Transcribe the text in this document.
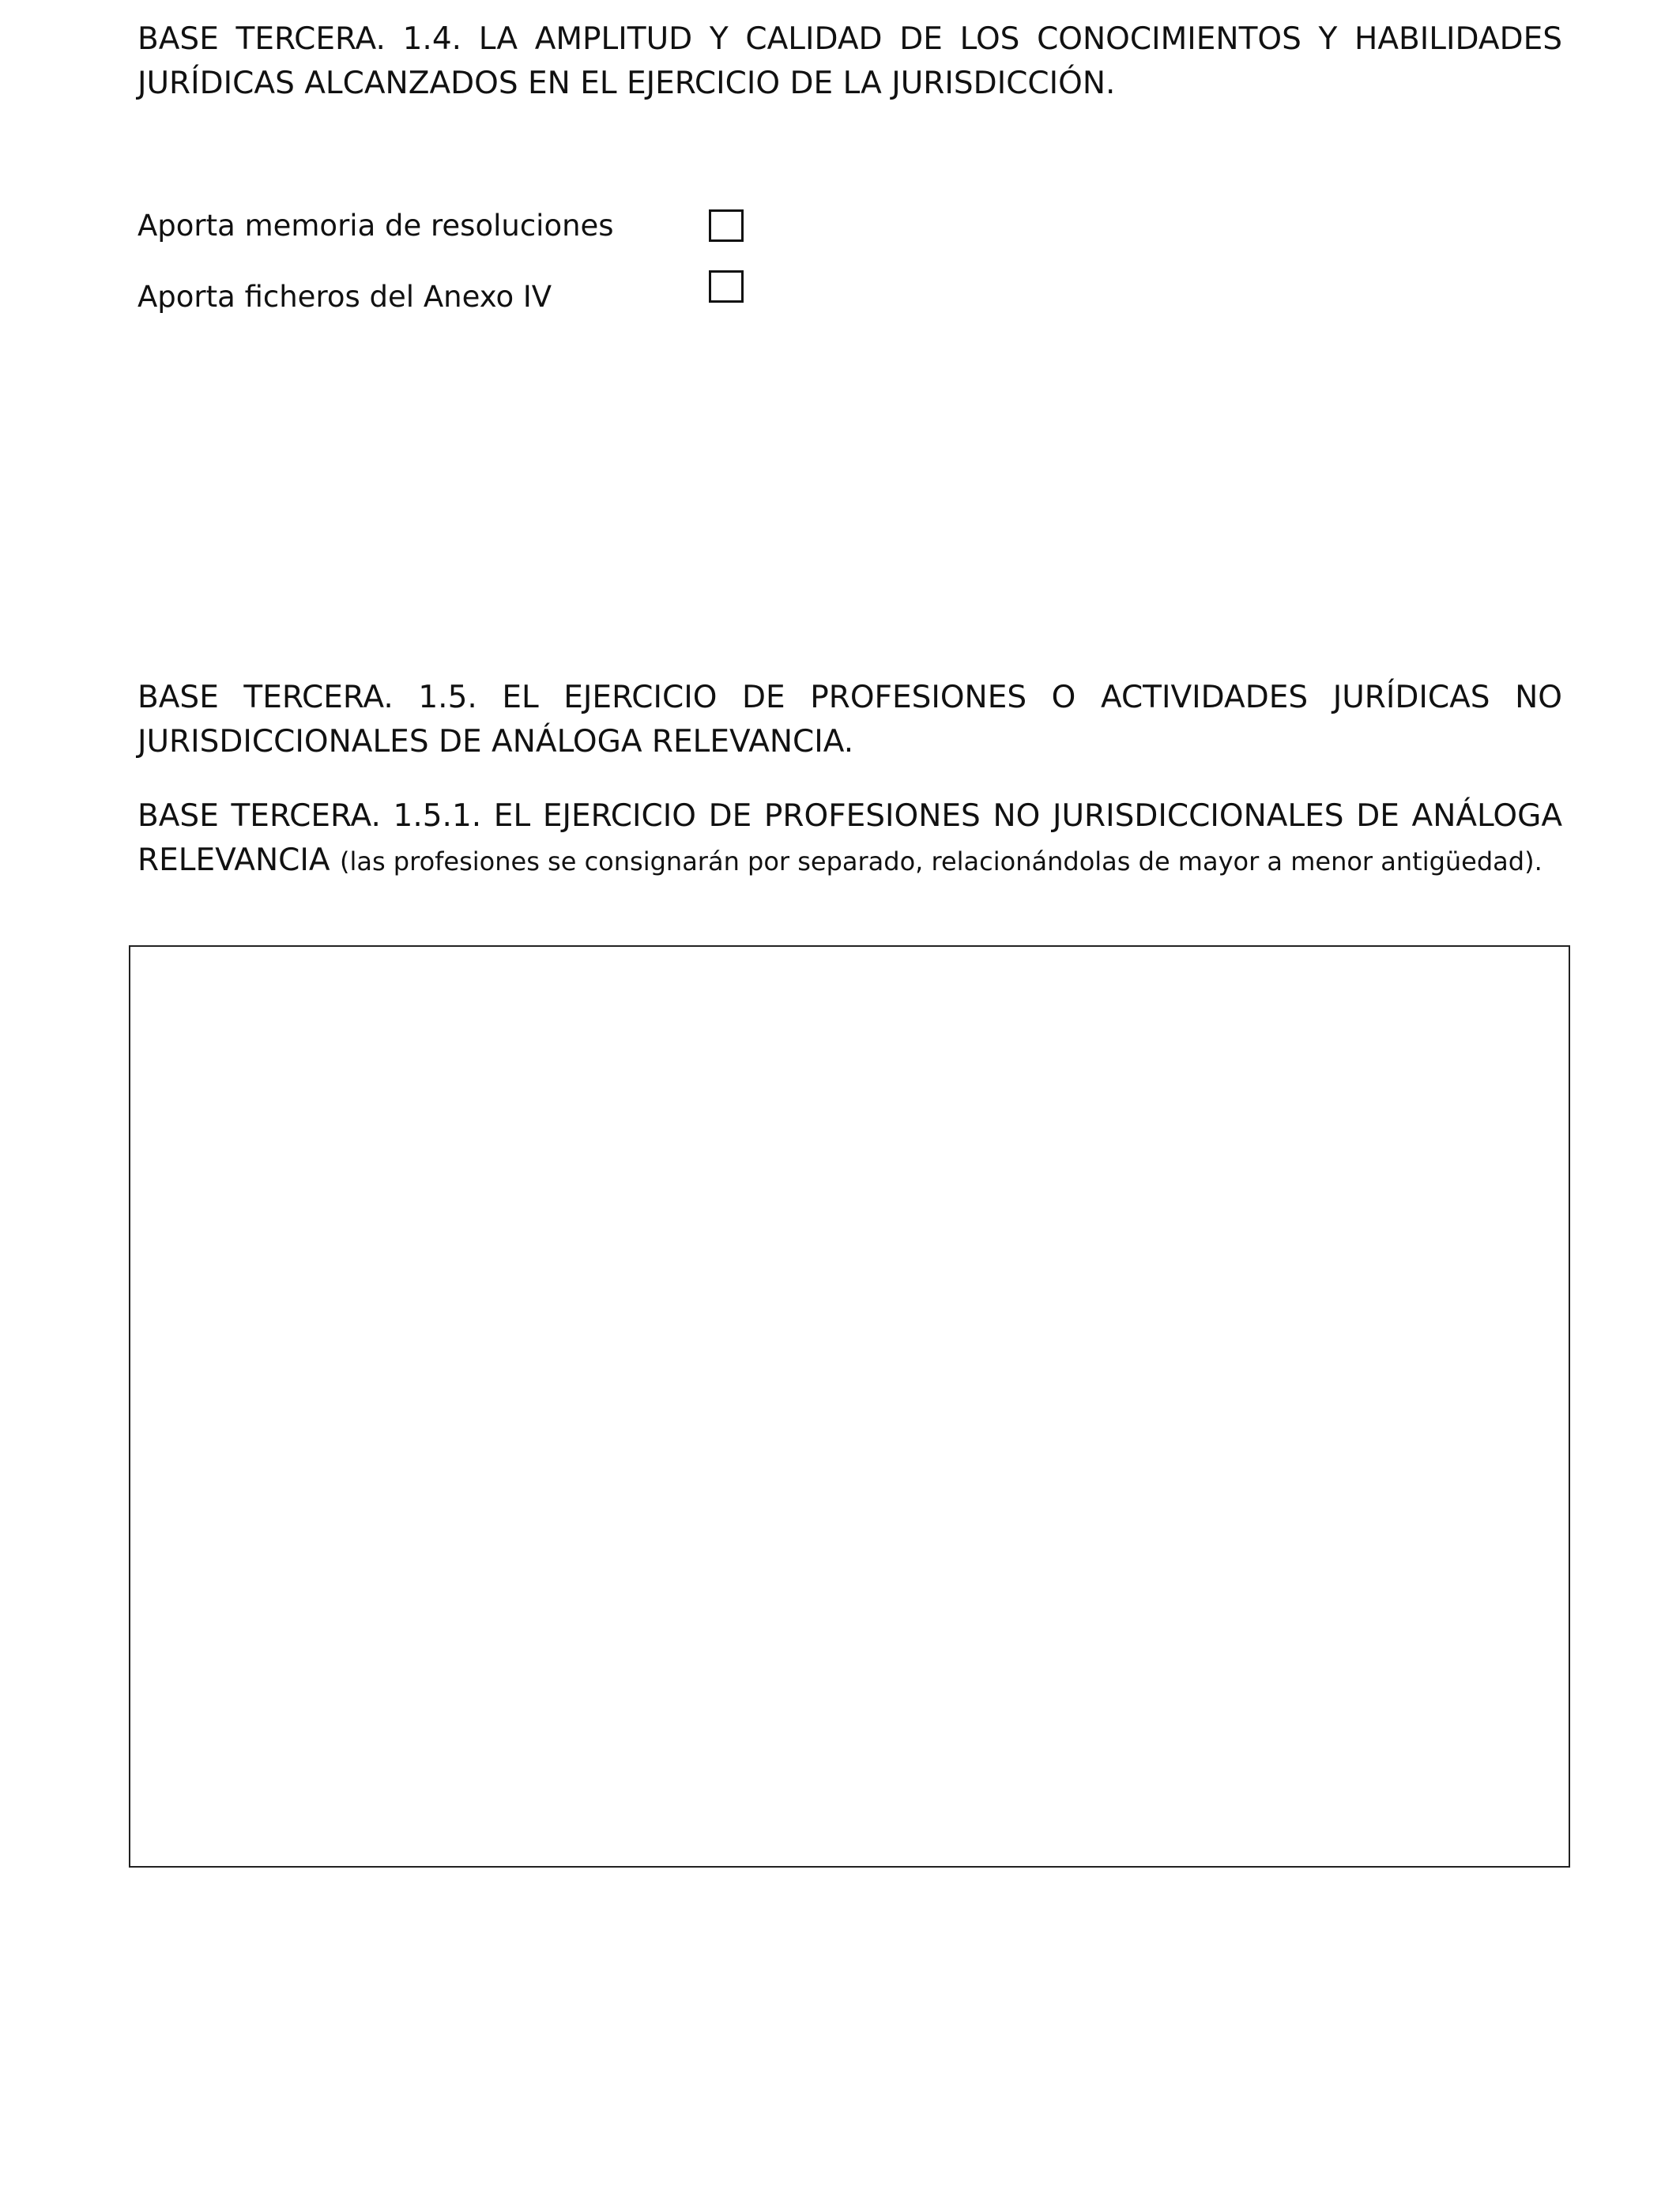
BASE TERCERA. 1.4. LA AMPLITUD Y CALIDAD DE LOS CONOCIMIENTOS Y HABILIDADES JURÍDICAS ALCANZADOS EN EL EJERCICIO DE LA JURISDICCIÓN.

Aporta memoria de resoluciones
Aporta ficheros del Anexo IV

BASE TERCERA. 1.5. EL EJERCICIO DE PROFESIONES O ACTIVIDADES JURÍDICAS NO JURISDICCIONALES DE ANÁLOGA RELEVANCIA.

BASE TERCERA. 1.5.1. EL EJERCICIO DE PROFESIONES NO JURISDICCIONALES DE ANÁLOGA RELEVANCIA (las profesiones se consignarán por separado, relacionándolas de mayor a menor antigüedad).
